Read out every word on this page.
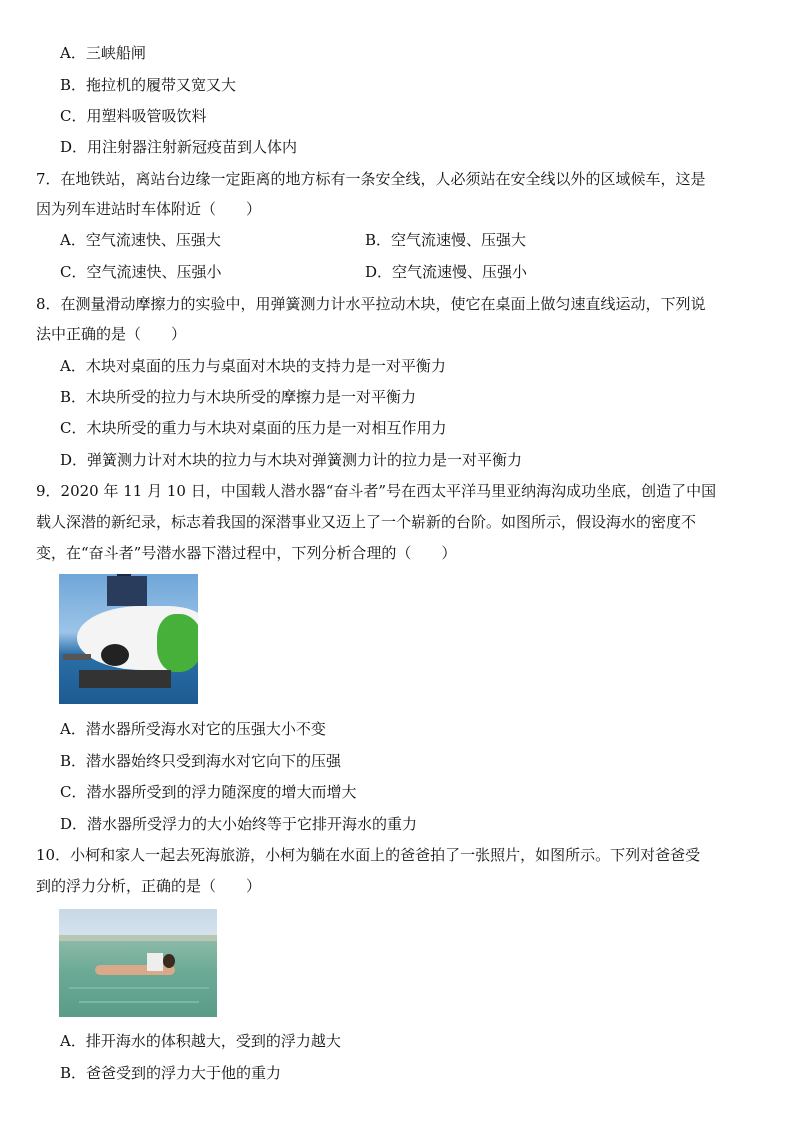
A．三峡船闸
B．拖拉机的履带又宽又大
C．用塑料吸管吸饮料
D．用注射器注射新冠疫苗到人体内
7．在地铁站，离站台边缘一定距离的地方标有一条安全线，人必须站在安全线以外的区域候车，这是
因为列车进站时车体附近（　　）
A．空气流速快、压强大	B．空气流速慢、压强大
C．空气流速快、压强小	D．空气流速慢、压强小
8．在测量滑动摩擦力的实验中，用弹簧测力计水平拉动木块，使它在桌面上做匀速直线运动，下列说
法中正确的是（　　）
A．木块对桌面的压力与桌面对木块的支持力是一对平衡力
B．木块所受的拉力与木块所受的摩擦力是一对平衡力
C．木块所受的重力与木块对桌面的压力是一对相互作用力
D．弹簧测力计对木块的拉力与木块对弹簧测力计的拉力是一对平衡力
9．2020 年 11 月 10 日，中国载人潜水器“奋斗者”号在西太平洋马里亚纳海沟成功坐底，创造了中国
载人深潜的新纪录，标志着我国的深潜事业又迈上了一个崭新的台阶。如图所示，假设海水的密度不
变，在“奋斗者”号潜水器下潜过程中，下列分析合理的（　　）
A．潜水器所受海水对它的压强大小不变
B．潜水器始终只受到海水对它向下的压强
C．潜水器所受到的浮力随深度的增大而增大
D．潜水器所受浮力的大小始终等于它排开海水的重力
10．小柯和家人一起去死海旅游，小柯为躺在水面上的爸爸拍了一张照片，如图所示。下列对爸爸受
到的浮力分析，正确的是（　　）
A．排开海水的体积越大，受到的浮力越大
B．爸爸受到的浮力大于他的重力
